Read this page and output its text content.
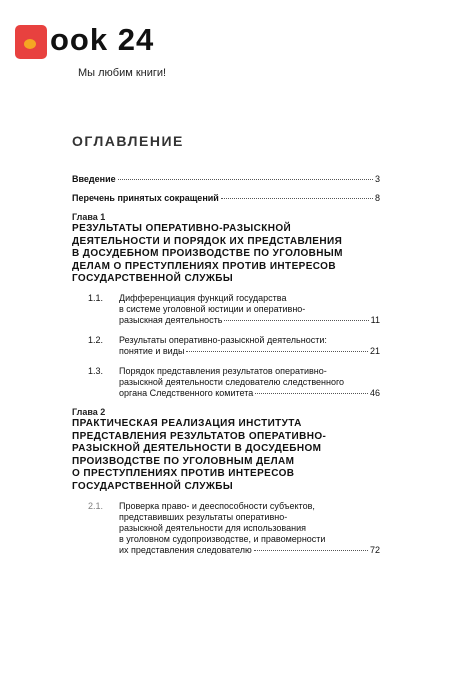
ook 24
Мы любим книги!
ОГЛАВЛЕНИЕ
Введение	3
Перечень принятых сокращений	8
Глава 1
РЕЗУЛЬТАТЫ ОПЕРАТИВНО-РАЗЫСКНОЙ
ДЕЯТЕЛЬНОСТИ И ПОРЯДОК ИХ ПРЕДСТАВЛЕНИЯ
В ДОСУДЕБНОМ ПРОИЗВОДСТВЕ ПО УГОЛОВНЫМ
ДЕЛАМ О ПРЕСТУПЛЕНИЯХ ПРОТИВ ИНТЕРЕСОВ
ГОСУДАРСТВЕННОЙ СЛУЖБЫ
1.1. Дифференциация функций государства
в системе уголовной юстиции и оперативно-
разыскная деятельность	11
1.2. Результаты оперативно-разыскной деятельности:
понятие и виды	21
1.3. Порядок представления результатов оперативно-
разыскной деятельности следователю следственного
органа Следственного комитета	46
Глава 2
ПРАКТИЧЕСКАЯ РЕАЛИЗАЦИЯ ИНСТИТУТА
ПРЕДСТАВЛЕНИЯ РЕЗУЛЬТАТОВ ОПЕРАТИВНО-
РАЗЫСКНОЙ ДЕЯТЕЛЬНОСТИ В ДОСУДЕБНОМ
ПРОИЗВОДСТВЕ ПО УГОЛОВНЫМ ДЕЛАМ
О ПРЕСТУПЛЕНИЯХ ПРОТИВ ИНТЕРЕСОВ
ГОСУДАРСТВЕННОЙ СЛУЖБЫ
2.1. Проверка право- и дееспособности субъектов,
представивших результаты оперативно-
разыскной деятельности для использования
в уголовном судопроизводстве, и правомерности
их представления следователю	72
